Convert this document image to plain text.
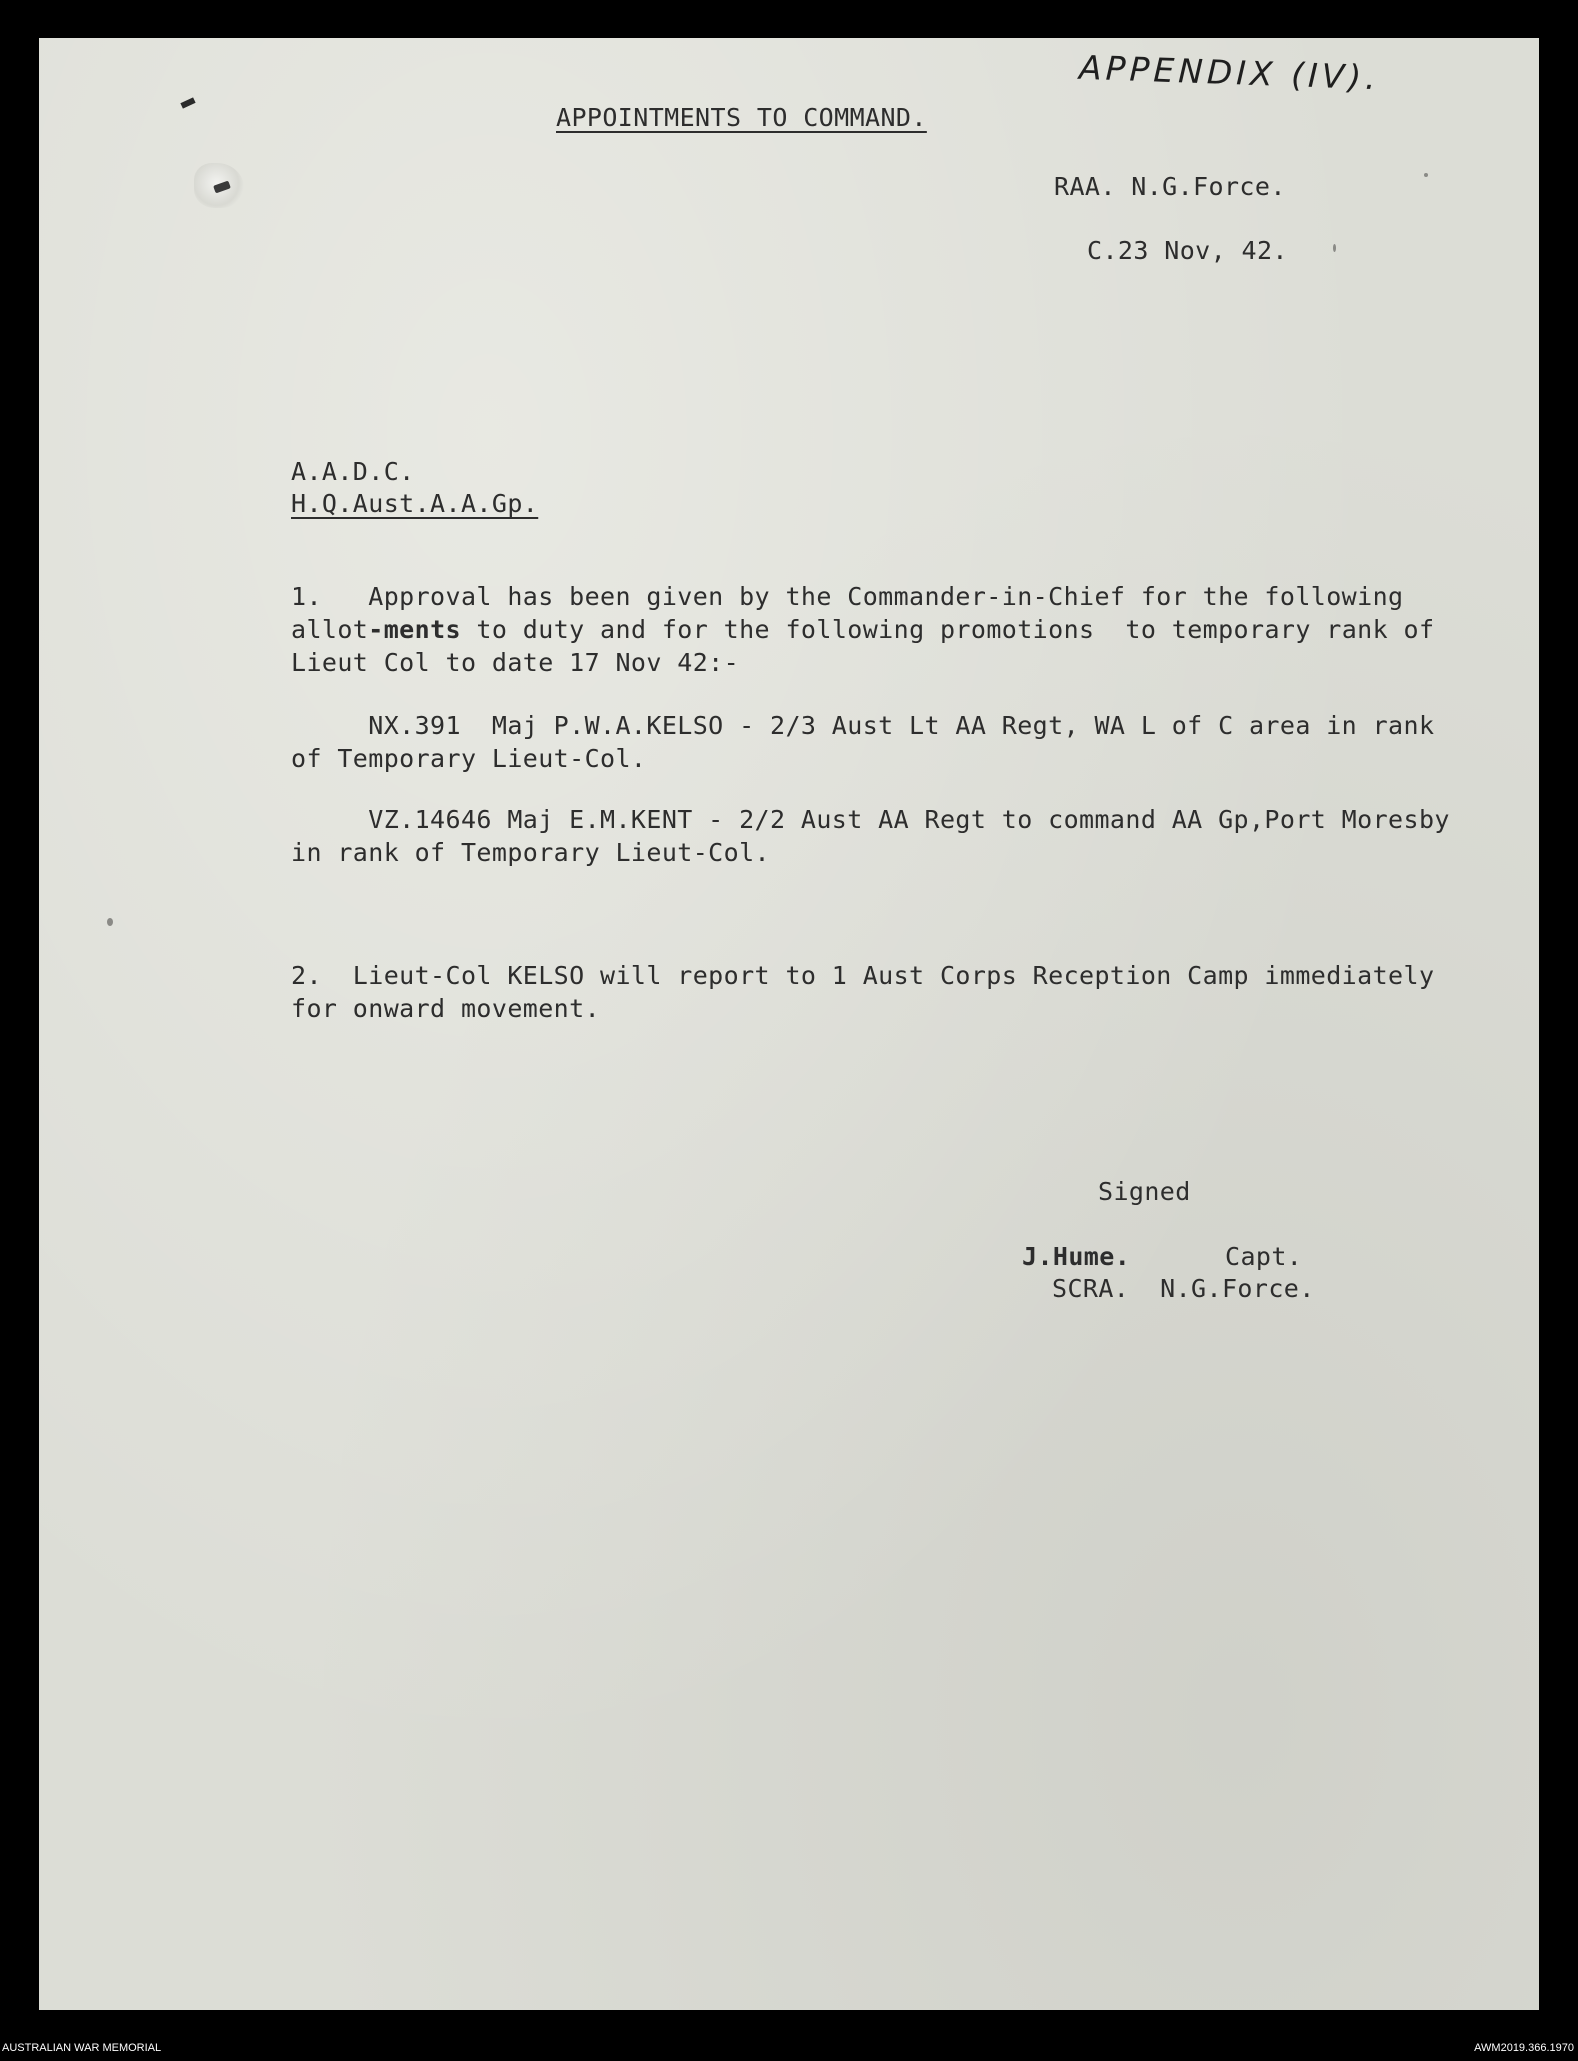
APPENDIX (IV).
APPOINTMENTS TO COMMAND.
RAA. N.G.Force.
C.23 Nov, 42.
A.A.D.C.
H.Q.Aust.A.A.Gp.
1.   Approval has been given by the Commander-in-Chief for the following
allot-ments to duty and for the following promotions  to temporary rank of
Lieut Col to date 17 Nov 42:-
NX.391  Maj P.W.A.KELSO - 2/3 Aust Lt AA Regt, WA L of C area in rank
of Temporary Lieut-Col.
VZ.14646 Maj E.M.KENT - 2/2 Aust AA Regt to command AA Gp,Port Moresby
in rank of Temporary Lieut-Col.
2.  Lieut-Col KELSO will report to 1 Aust Corps Reception Camp immediately
for onward movement.
Signed
J.Hume.	Capt.
SCRA.  N.G.Force.
AUSTRALIAN WAR MEMORIAL	AWM2019.366.1970
